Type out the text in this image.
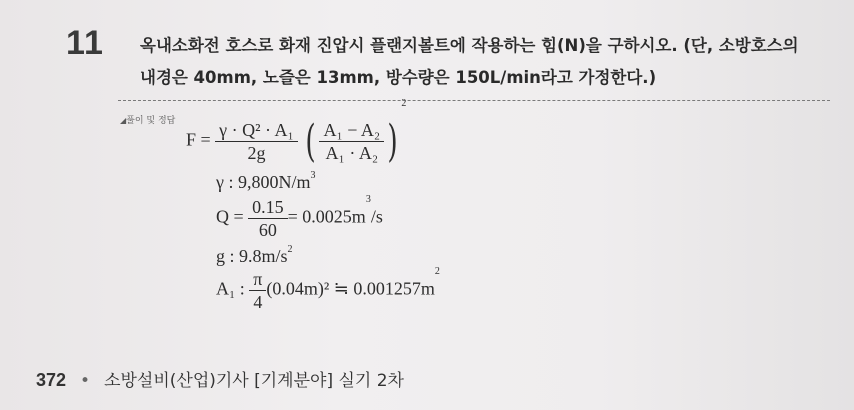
11 옥내소화전 호스로 화재 진압시 플랜지볼트에 작용하는 힘(N)을 구하시오. (단, 소방호스의
내경은 40mm, 노즐은 13mm, 방수량은 150L/min라고 가정한다.)
◢풀이 및 정답
$F = \frac{\text{γ · Q² · A₁}}{2g}$ ( $\frac{\text{A₁ − A₂}}{\text{A₁ · A₂}} )^2$
γ : $9,800N/m^3$
$Q = \frac{0.15}{60} = 0.0025m^3/s$
g : $9.8m/s^2$
A₁ : $\frac{\pi}{4} (0.04m)^2$ ≒ $0.001257m^2$
372 • 소방설비(산업)기사 [기계분야] 실기 2차
